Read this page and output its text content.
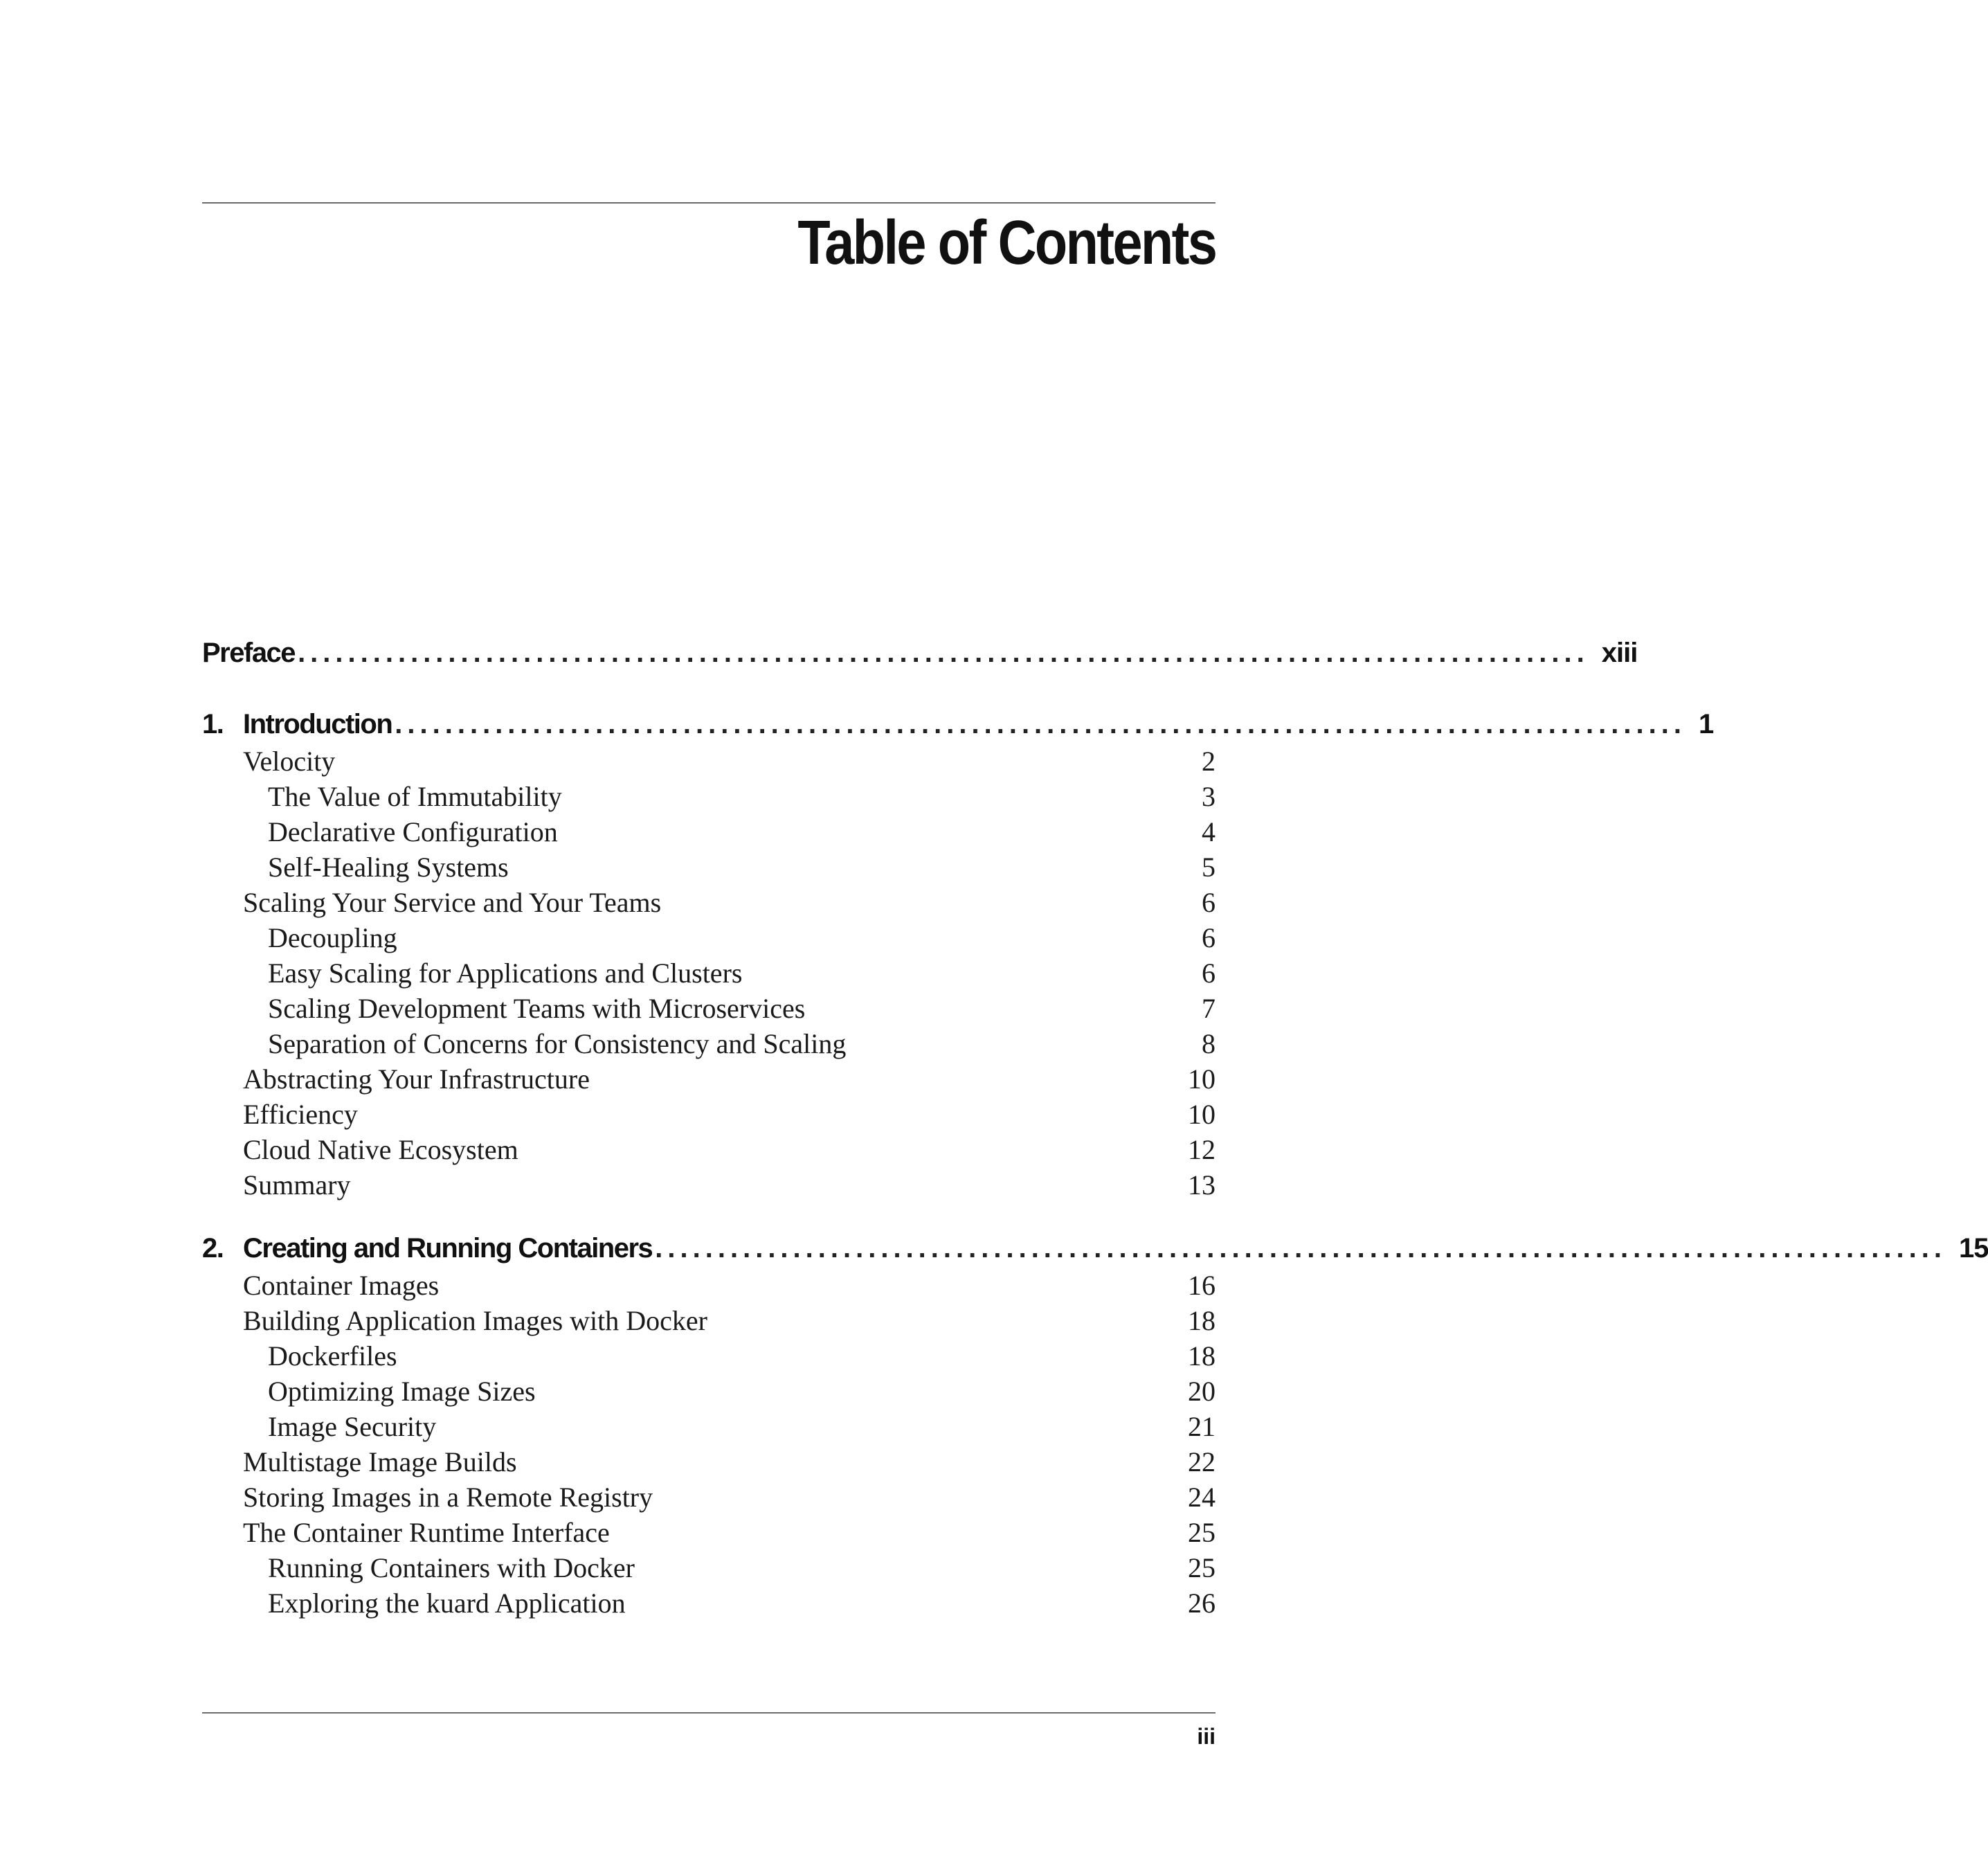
Table of Contents
Preface ....................................................................................................... xiii
1. Introduction ....................................................................................................... 1
Velocity	2
The Value of Immutability	3
Declarative Configuration	4
Self-Healing Systems	5
Scaling Your Service and Your Teams	6
Decoupling	6
Easy Scaling for Applications and Clusters	6
Scaling Development Teams with Microservices	7
Separation of Concerns for Consistency and Scaling	8
Abstracting Your Infrastructure	10
Efficiency	10
Cloud Native Ecosystem	12
Summary	13
2. Creating and Running Containers ....................................................................................................... 15
Container Images	16
Building Application Images with Docker	18
Dockerfiles	18
Optimizing Image Sizes	20
Image Security	21
Multistage Image Builds	22
Storing Images in a Remote Registry	24
The Container Runtime Interface	25
Running Containers with Docker	25
Exploring the kuard Application	26
iii
